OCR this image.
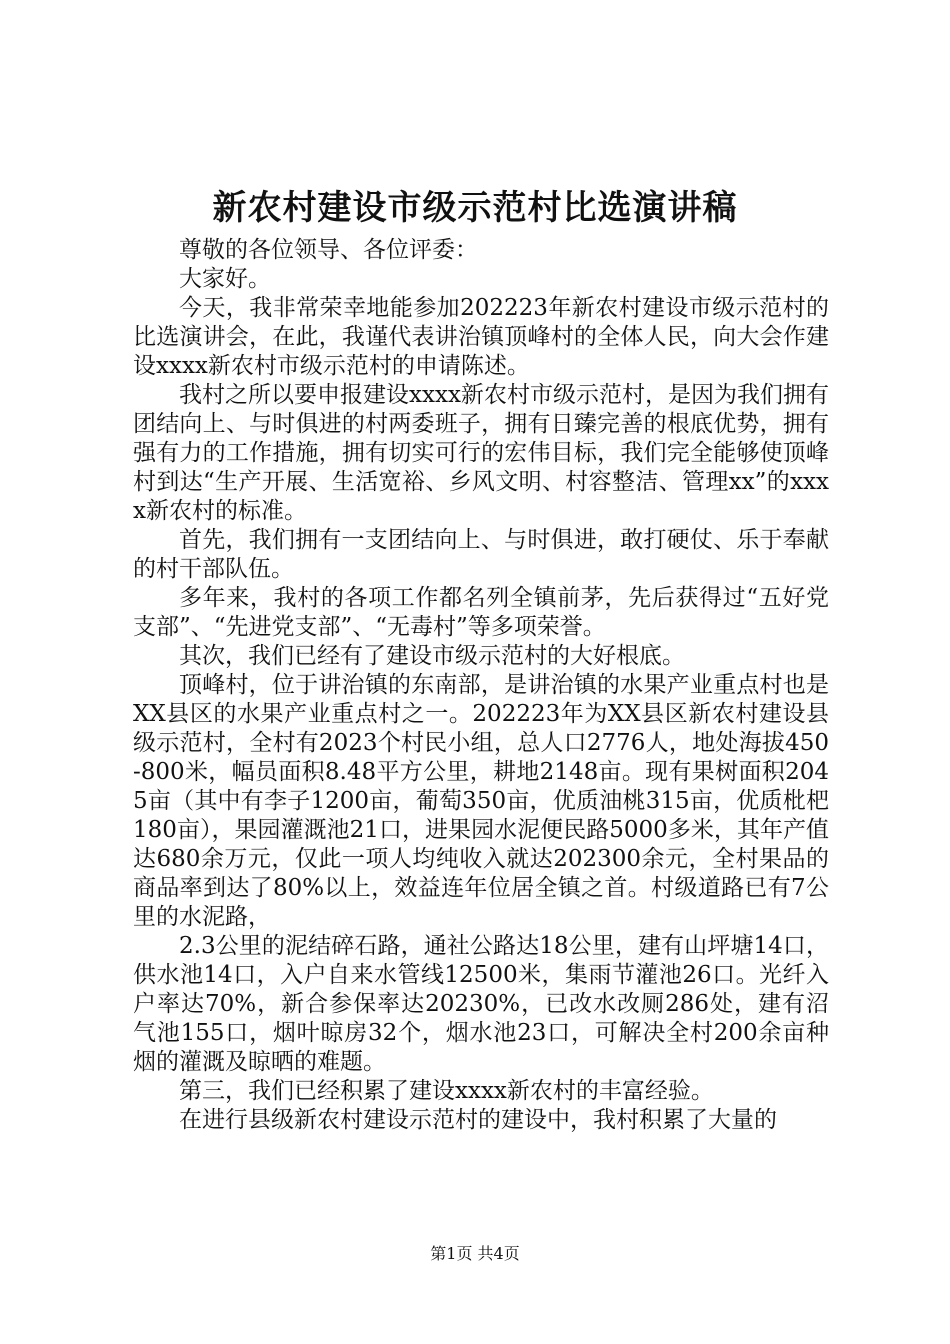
新农村建设市级示范村比选演讲稿

尊敬的各位领导、各位评委：

大家好。

今天，我非常荣幸地能参加202223年新农村建设市级示范村的比选演讲会，在此，我谨代表讲治镇顶峰村的全体人民，向大会作建设xxxx新农村市级示范村的申请陈述。

我村之所以要申报建设xxxx新农村市级示范村，是因为我们拥有团结向上、与时俱进的村两委班子，拥有日臻完善的根底优势，拥有强有力的工作措施，拥有切实可行的宏伟目标，我们完全能够使顶峰村到达“生产开展、生活宽裕、乡风文明、村容整洁、管理xx”的xxxx新农村的标准。

首先，我们拥有一支团结向上、与时俱进，敢打硬仗、乐于奉献的村干部队伍。

多年来，我村的各项工作都名列全镇前茅，先后获得过“五好党支部”、“先进党支部”、“无毒村”等多项荣誉。

其次，我们已经有了建设市级示范村的大好根底。

顶峰村，位于讲治镇的东南部，是讲治镇的水果产业重点村也是XX县区的水果产业重点村之一。202223年为XX县区新农村建设县级示范村，全村有2023个村民小组，总人口2776人，地处海拔450-800米，幅员面积8.48平方公里，耕地2148亩。现有果树面积2045亩（其中有李子1200亩，葡萄350亩，优质油桃315亩，优质枇杷180亩），果园灌溉池21口，进果园水泥便民路5000多米，其年产值达680余万元，仅此一项人均纯收入就达202300余元，全村果品的商品率到达了80%以上，效益连年位居全镇之首。村级道路已有7公里的水泥路，

2.3公里的泥结碎石路，通社公路达18公里，建有山坪塘14口，供水池14口，入户自来水管线12500米，集雨节灌池26口。光纤入户率达70%，新合参保率达20230%，已改水改厕286处，建有沼气池155口，烟叶晾房32个，烟水池23口，可解决全村200余亩种烟的灌溉及晾晒的难题。

第三，我们已经积累了建设xxxx新农村的丰富经验。

在进行县级新农村建设示范村的建设中，我村积累了大量的

第1页 共4页
